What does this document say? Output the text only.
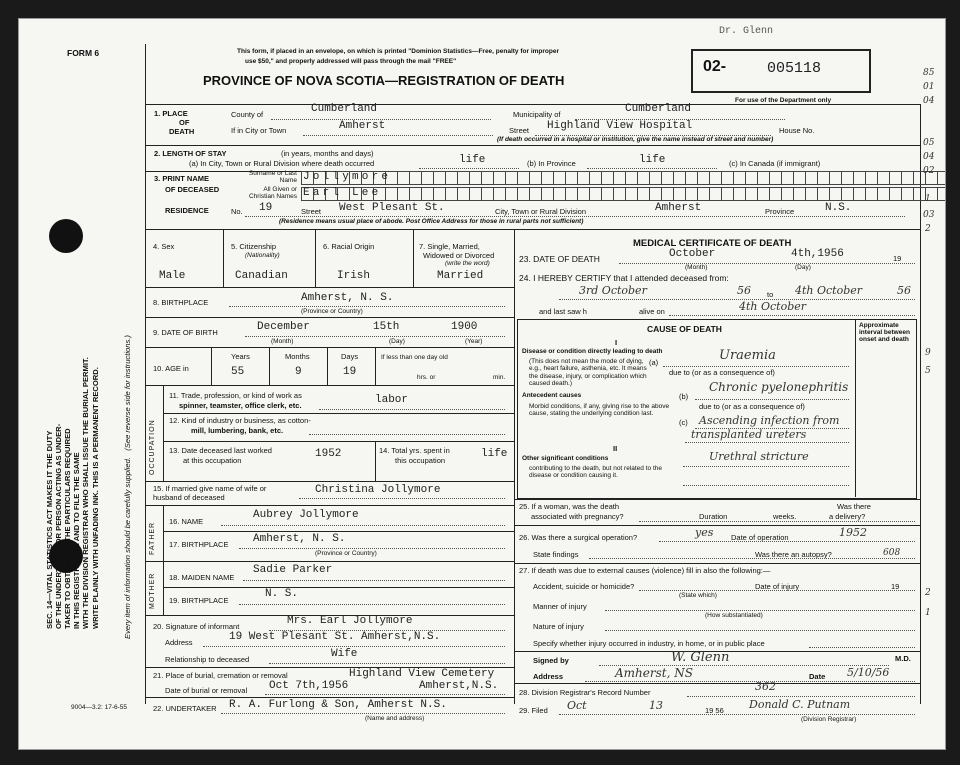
SEC. 14—VITAL STATISTICS ACT MAKES IT THE DUTY OF THE UNDERTAKER OR PERSON ACTING AS UNDER- TAKER TO OBTAIN ALL THE PARTICULARS REQUIRED IN THIS REGISTRATION AND TO FILE THE SAME WITH THE DIVISION REGISTRAR WHO SHALL ISSUE THE BURIAL PERMIT. WRITE PLAINLY WITH UNFADING INK. THIS IS A PERMANENT RECORD.	Every item of information should be carefully supplied.   (See reverse side for instructions.)
FORM 6	This form, if placed in an envelope, on which is printed "Dominion Statistics—Free, penalty for improper
use $50," and properly addressed will pass through the mail "FREE"
PROVINCE OF NOVA SCOTIA—REGISTRATION OF DEATH
Dr. Glenn
02-	005118
For use of the Department only
1. PLACE
OF
DEATH
County of	Cumberland	Municipality of	Cumberland
If in City or Town	Amherst	Street Highland View Hospital	House No.
(If death occurred in a hospital or institution, give the name instead of street and number)
2. LENGTH OF STAY	(in years, months and days)
(a) In City, Town or Rural Division where death occurred	life	(b) In Province	life	(c) In Canada (if immigrant)
3. PRINT NAME
OF DECEASED
Surname or Last Name Jollymore
All Given or Christian Names Earl Lee
RESIDENCE	No. 19	Street West Plesant St.	City, Town or Rural Division	Amherst	Province	N.S.
(Residence means usual place of abode. Post Office Address for those in rural parts not sufficient)
4. Sex
Male
5. Citizenship
(Nationality)
Canadian
6. Racial Origin
Irish
7. Single, Married,
Widowed or Divorced
(write the word)
Married
8. BIRTHPLACE	Amherst, N. S.
(Province or Country)
9. DATE OF BIRTH	December	15th	1900
(Month)	(Day)	(Year)
10. AGE in
Years	Months	Days
55	9	19
If less than one day old
hrs. or	min.
OCCUPATION
11. Trade, profession, or kind of work as
spinner, teamster, office clerk, etc.	labor
12. Kind of industry or business, as cotton-
mill, lumbering, bank, etc.
13. Date deceased last worked
at this occupation
1952	14. Total yrs. spent in
this occupation
life
15. If married give name of wife or husband of deceased
Christina Jollymore
FATHER
16. NAME
Aubrey Jollymore
17. BIRTHPLACE Amherst, N. S.
(Province or Country)
MOTHER 18. MAIDEN NAME
Sadie Parker
19. BIRTHPLACE
N. S.
20. Signature of informant	Mrs. Earl Jollymore
Address	19 West Plesant St. Amherst,N.S.
Relationship to deceased	Wife
21. Place of burial, cremation or removal	Highland View Cemetery
Date of burial or removal Oct 7th,1956	Amherst,N.S.
22. UNDERTAKER R. A. Furlong & Son, Amherst N.S.
(Name and address)
9004—3.2: 17-6-55
MEDICAL CERTIFICATE OF DEATH
23. DATE OF DEATH	October	4th,1956	19
(Month)	(Day)
24. I HEREBY CERTIFY that I attended deceased from:
3rd October	56 to 4th October	56
and last saw h	alive on	4th October
CAUSE OF DEATH	Approximate interval between onset and death
I
Disease or condition directly leading to death
(This does not mean the mode of dying, e.g., heart failure, asthenia, etc. It means the disease, injury, or complication which caused death.)
(a)	Uraemia
due to (or as a consequence of)
Antecedent causes
Morbid conditions, if any, giving rise to the above cause, stating the underlying condition last.
(b)
Chronic pyelonephritis
due to (or as a consequence of)
(c) Ascending infection from
transplanted ureters
II
Other significant conditions
contributing to the death, but not related to the disease or condition causing it.
Urethral stricture
25. If a woman, was the death
associated with pregnancy?	Duration	weeks.
Was there
a delivery?
26. Was there a surgical operation?	yes Date of operation	1952
State findings	Was there an autopsy?
27. If death was due to external causes (violence) fill in also the following:—
Accident, suicide or homicide?	Date of injury	19
(State which)
Manner of injury
(How substantiated)
Nature of injury
Specify whether injury occurred in industry, in home, or in public place
Signed by	W. Glenn	M.D.
Address	Amherst, NS	Date 5/10/56
28. Division Registrar's Record Number	362
29. Filed Oct	13	19 56 Donald C. Putnam
(Division Registrar)
85
01
04
05
04
02
1
03
2
9
5
608
2
1
